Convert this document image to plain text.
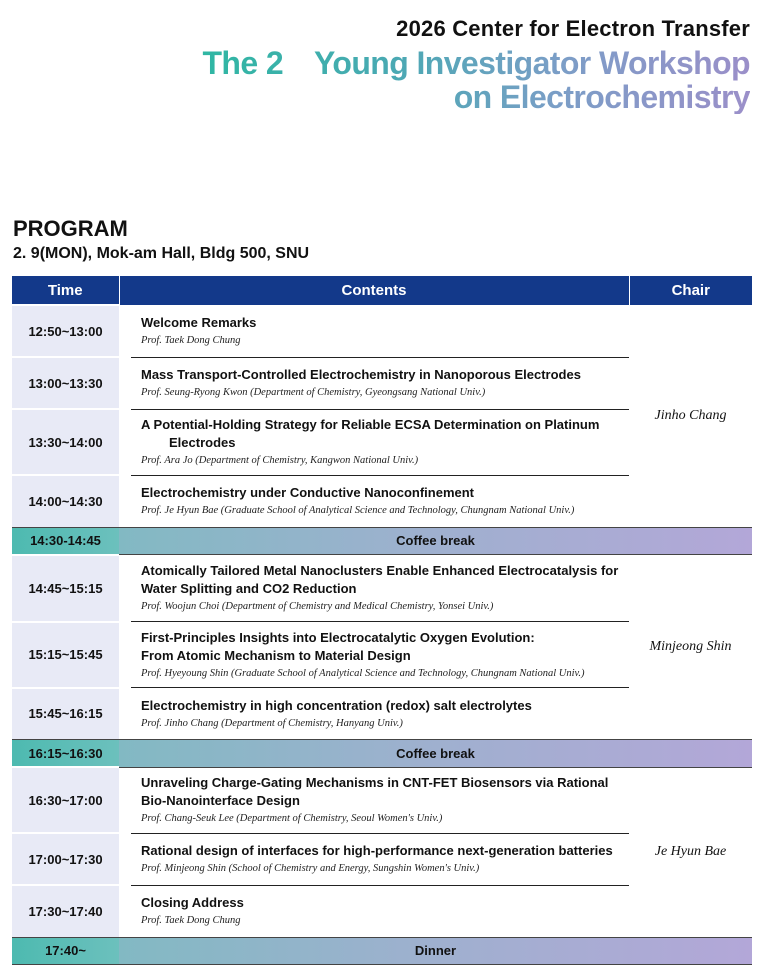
2026 Center for Electron Transfer
The 2nd Young Investigator Workshop
on Electrochemistry
PROGRAM
2. 9(MON), Mok-am Hall, Bldg 500, SNU
Time	Contents		Chair
12:50~13:00		Welcome Remarks
Prof. Taek Dong Chung	Jinho Chang
13:00~13:30		Mass Transport-Controlled Electrochemistry in Nanoporous Electrodes
Prof. Seung-Ryong Kwon (Department of Chemistry, Gyeongsang National Univ.)	

13:30~14:00		A Potential-Holding Strategy for Reliable ECSA Determination on Platinum
Electrodes
Prof. Ara Jo (Department of Chemistry, Kangwon National Univ.)	

14:00~14:30		Electrochemistry under Conductive Nanoconfinement
Prof. Je Hyun Bae (Graduate School of Analytical Science and Technology, Chungnam National Univ.)	

14:30-14:45	Coffee break		
14:45~15:15		Atomically Tailored Metal Nanoclusters Enable Enhanced Electrocatalysis for
Water Splitting and CO2 Reduction
Prof. Woojun Choi (Department of Chemistry and Medical Chemistry, Yonsei Univ.)	Minjeong Shin
15:15~15:45		First-Principles Insights into Electrocatalytic Oxygen Evolution:
From Atomic Mechanism to Material Design
Prof. Hyeyoung Shin (Graduate School of Analytical Science and Technology, Chungnam National Univ.)	

15:45~16:15		Electrochemistry in high concentration (redox) salt electrolytes
Prof. Jinho Chang (Department of Chemistry, Hanyang Univ.)	

16:15~16:30	Coffee break		
16:30~17:00		Unraveling Charge-Gating Mechanisms in CNT-FET Biosensors via Rational
Bio-Nanointerface Design
Prof. Chang-Seuk Lee (Department of Chemistry, Seoul Women's Univ.)	Je Hyun Bae
17:00~17:30		Rational design of interfaces for high-performance next-generation batteries
Prof. Minjeong Shin (School of Chemistry and Energy, Sungshin Women's Univ.)	

17:30~17:40		Closing Address
Prof. Taek Dong Chung	

17:40~	Dinner		
